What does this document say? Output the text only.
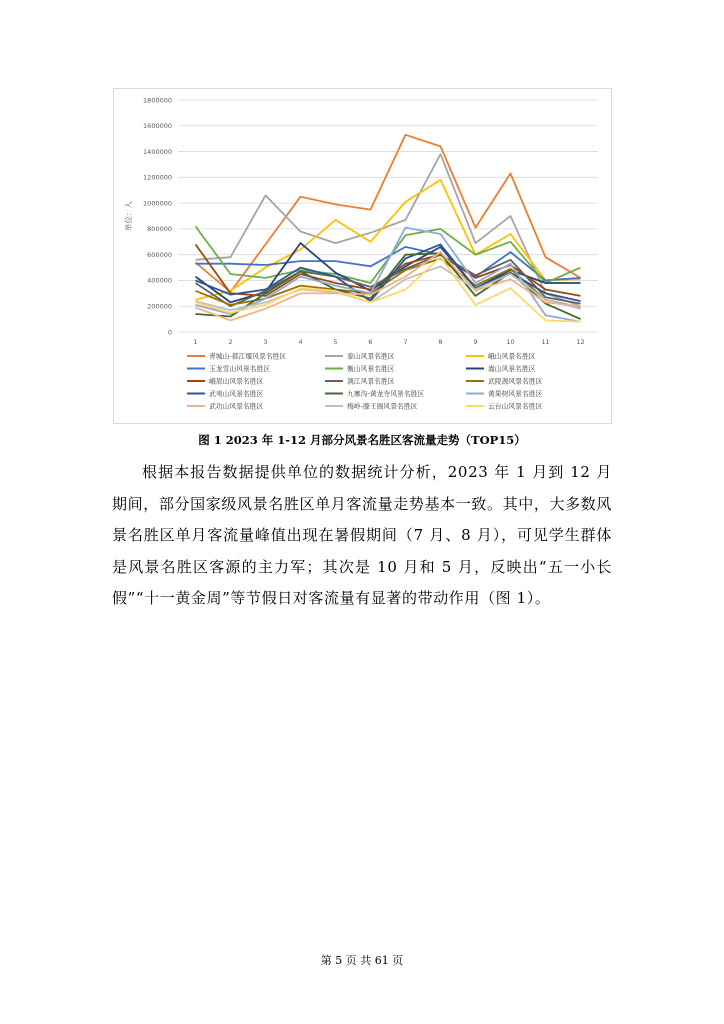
0
200000
400000
600000
800000
1000000
1200000
1400000
1600000
1800000
1	2	3	4	5	6	7	8	9	10	11	12
单位：人
青城山-都江堰风景名胜区	泰山风景名胜区	峨山风景名胜区
玉龙雪山风景名胜区	衡山风景名胜区	嵩山风景名胜区
峨眉山风景名胜区	漓江风景名胜区	武陵源风景名胜区
武夷山风景名胜区	九寨沟-黄龙寺风景名胜区	黄果树风景名胜区
武功山风景名胜区	梅岭-滕王阁风景名胜区	云台山风景名胜区
图 1 2023 年 1-12 月部分风景名胜区客流量走势（TOP15）

根据本报告数据提供单位的数据统计分析，2023 年 1 月到 12 月期间，部分国家级风景名胜区单月客流量走势基本一致。其中，大多数风景名胜区单月客流量峰值出现在暑假期间（7 月、8 月），可见学生群体是风景名胜区客源的主力军；其次是 10 月和 5 月，反映出“五一小长假”“十一黄金周”等节假日对客流量有显著的带动作用（图 1）。

第 5 页 共 61 页
